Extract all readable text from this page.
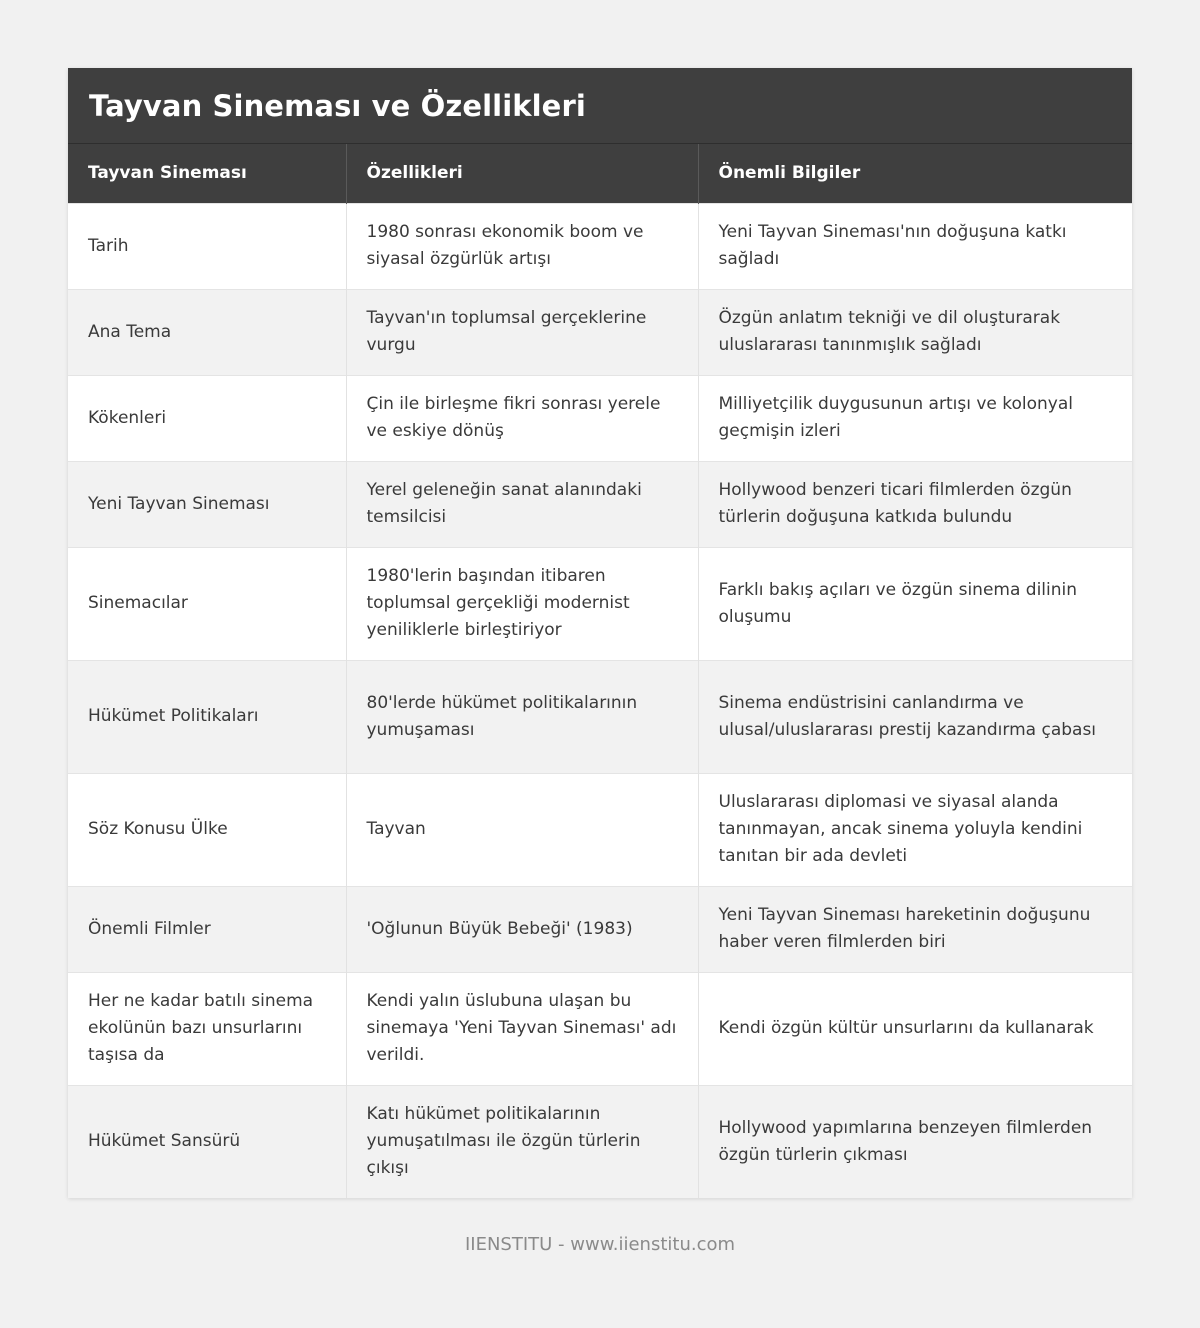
Tayvan Sineması ve Özellikleri
Tayvan Sineması	Özellikleri	Önemli Bilgiler
Tarih	1980 sonrası ekonomik boom ve siyasal özgürlük artışı	Yeni Tayvan Sineması'nın doğuşuna katkı sağladı
Ana Tema	Tayvan'ın toplumsal gerçeklerine vurgu	Özgün anlatım tekniği ve dil oluşturarak uluslararası tanınmışlık sağladı
Kökenleri	Çin ile birleşme fikri sonrası yerele ve eskiye dönüş	Milliyetçilik duygusunun artışı ve kolonyal geçmişin izleri
Yeni Tayvan Sineması	Yerel geleneğin sanat alanındaki temsilcisi	Hollywood benzeri ticari filmlerden özgün türlerin doğuşuna katkıda bulundu
Sinemacılar	1980'lerin başından itibaren toplumsal gerçekliği modernist yeniliklerle birleştiriyor	Farklı bakış açıları ve özgün sinema dilinin oluşumu
Hükümet Politikaları	80'lerde hükümet politikalarının yumuşaması	Sinema endüstrisini canlandırma ve ulusal/uluslararası prestij kazandırma çabası
Söz Konusu Ülke	Tayvan	Uluslararası diplomasi ve siyasal alanda tanınmayan, ancak sinema yoluyla kendini tanıtan bir ada devleti
Önemli Filmler	'Oğlunun Büyük Bebeği' (1983)	Yeni Tayvan Sineması hareketinin doğuşunu haber veren filmlerden biri
Her ne kadar batılı sinema ekolünün bazı unsurlarını taşısa da	Kendi yalın üslubuna ulaşan bu sinemaya 'Yeni Tayvan Sineması' adı verildi.	Kendi özgün kültür unsurlarını da kullanarak
Hükümet Sansürü	Katı hükümet politikalarının yumuşatılması ile özgün türlerin çıkışı	Hollywood yapımlarına benzeyen filmlerden özgün türlerin çıkması
IIENSTITU - www.iienstitu.com
